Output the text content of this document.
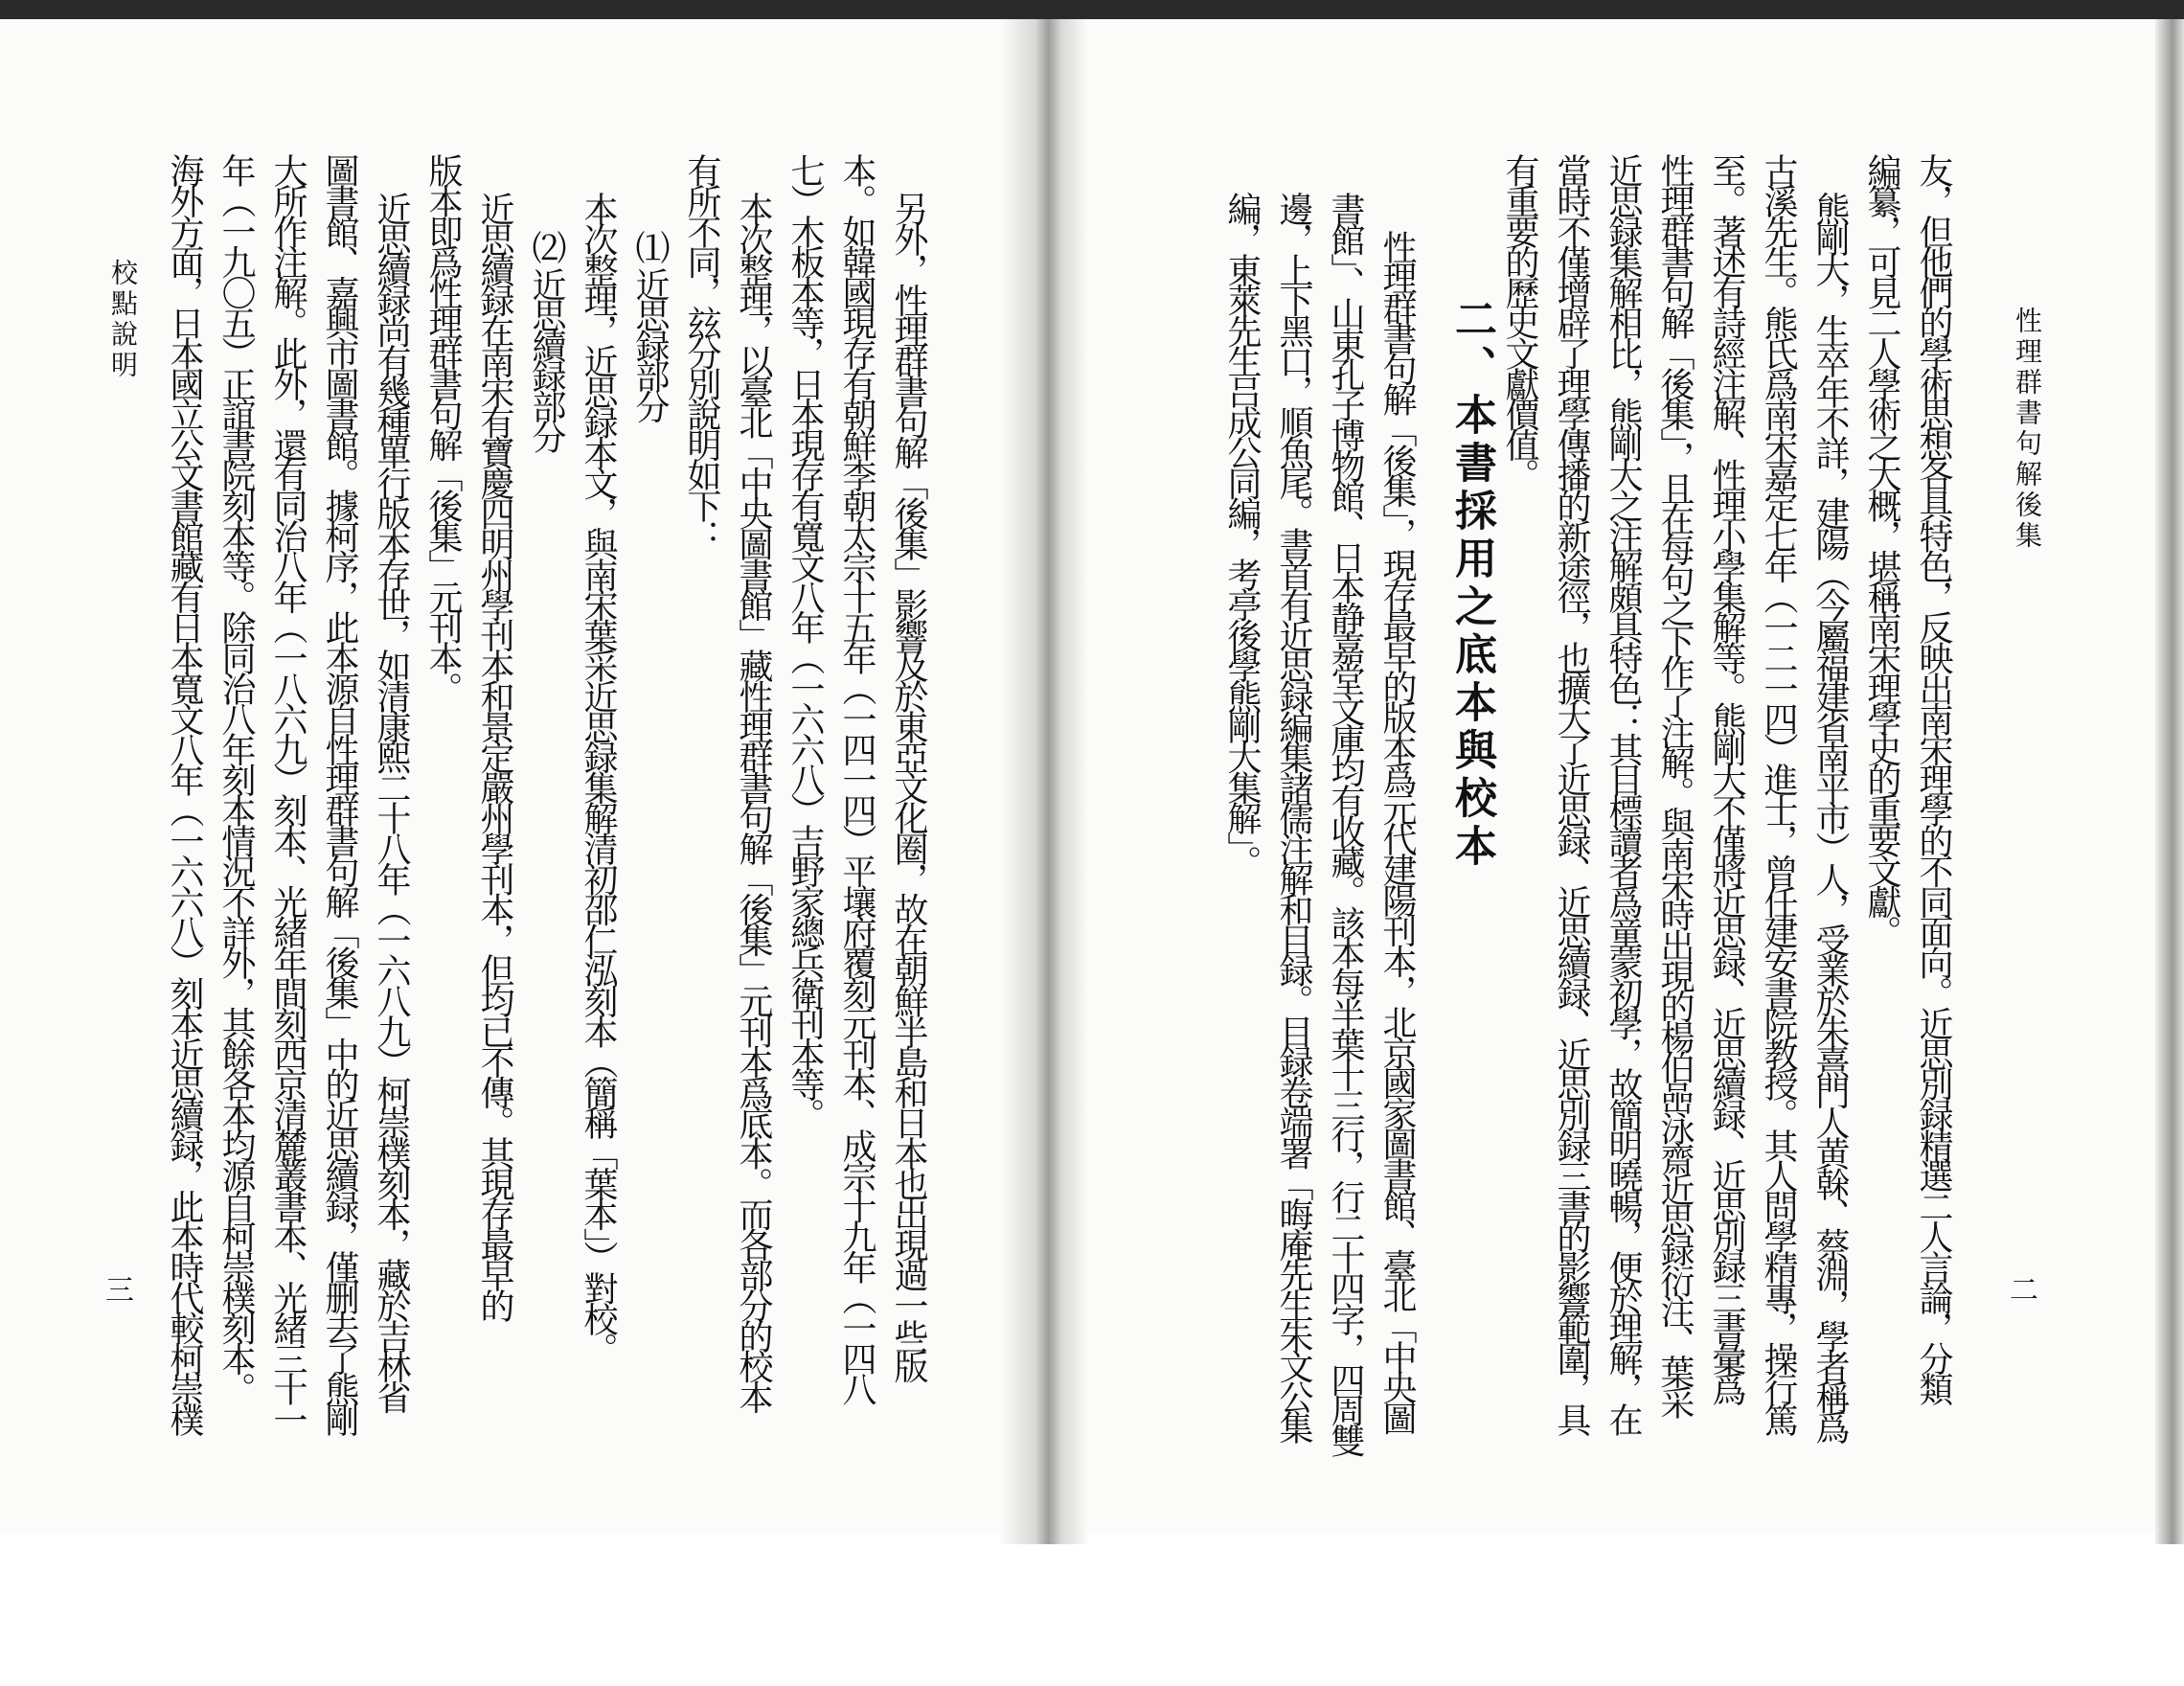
校點說明
三	另外，性理群書句解「後集」影響及於東亞文化圈，故在朝鮮半島和日本也出現過一些版
本。如韓國現存有朝鮮李朝太宗十五年（一四一四）平壤府覆刻元刊本、成宗十九年（一四八
七）木板本等，日本現存有寬文八年（一六六八）吉野家總兵衛刊本等。
本次整理，以臺北「中央圖書館」藏性理群書句解「後集」元刊本爲底本。而各部分的校本
有所不同，玆分別說明如下：
⑴ 近思録部分
本次整理，近思録本文，與南宋葉采近思録集解清初邵仁泓刻本（簡稱「葉本」）對校。
⑵ 近思續録部分
近思續録在南宋有寶慶四明州學刊本和景定嚴州學刊本，但均已不傳。其現存最早的
版本即爲性理群書句解「後集」元刊本。
近思續録尚有幾種單行版本存世，如清康熙二十八年（一六八九）柯崇樸刻本，藏於吉林省
圖書館、嘉興市圖書館。據柯序，此本源自性理群書句解「後集」中的近思續録，僅删去了熊剛
大所作注解。此外，還有同治八年（一八六九）刻本、光緒年間刻西京清麓叢書本、光緒三十一
年（一九〇五）正誼書院刻本等。除同治八年刻本情況不詳外，其餘各本均源自柯崇樸刻本。
海外方面，日本國立公文書館藏有日本寬文八年（一六六八）刻本近思續録，此本時代較柯崇樸	性理群書句解後集
二
友，但他們的學術思想各具特色，反映出南宋理學的不同面向。近思別録精選二人言論，分類
編纂，可見二人學術之大概，堪稱南宋理學史的重要文獻。
熊剛大，生卒年不詳，建陽（今屬福建省南平市）人，受業於朱熹門人黄榦、蔡淵，學者稱爲
古溪先生。熊氏爲南宋嘉定七年（一二一四）進士，曾任建安書院教授。其人問學精專，操行篤
至。著述有詩經注解、性理小學集解等。熊剛大不僅將近思録、近思續録、近思別録三書彙爲
性理群書句解「後集」，且在每句之下作了注解。與南宋時出現的楊伯喦泳齋近思録衍注、葉采
近思録集解相比，熊剛大之注解頗具特色：其目標讀者爲童蒙初學，故簡明曉暢，便於理解，在
當時不僅增辟了理學傳播的新途徑，也擴大了近思録、近思續録、近思別録三書的影響範圍，具
有重要的歷史文獻價值。
二、本書採用之底本與校本
性理群書句解「後集」，現存最早的版本爲元代建陽刊本，北京國家圖書館、臺北「中央圖
書館」、山東孔子博物館、日本静嘉堂文庫均有收藏。該本每半葉十三行，行二十四字，四周雙
邊，上下黑口，順魚尾。書首有近思録編集諸儒注解和目録。目録卷端署「晦庵先生朱文公集
編，東萊先生吕成公同編，考亭後學熊剛大集解」。
